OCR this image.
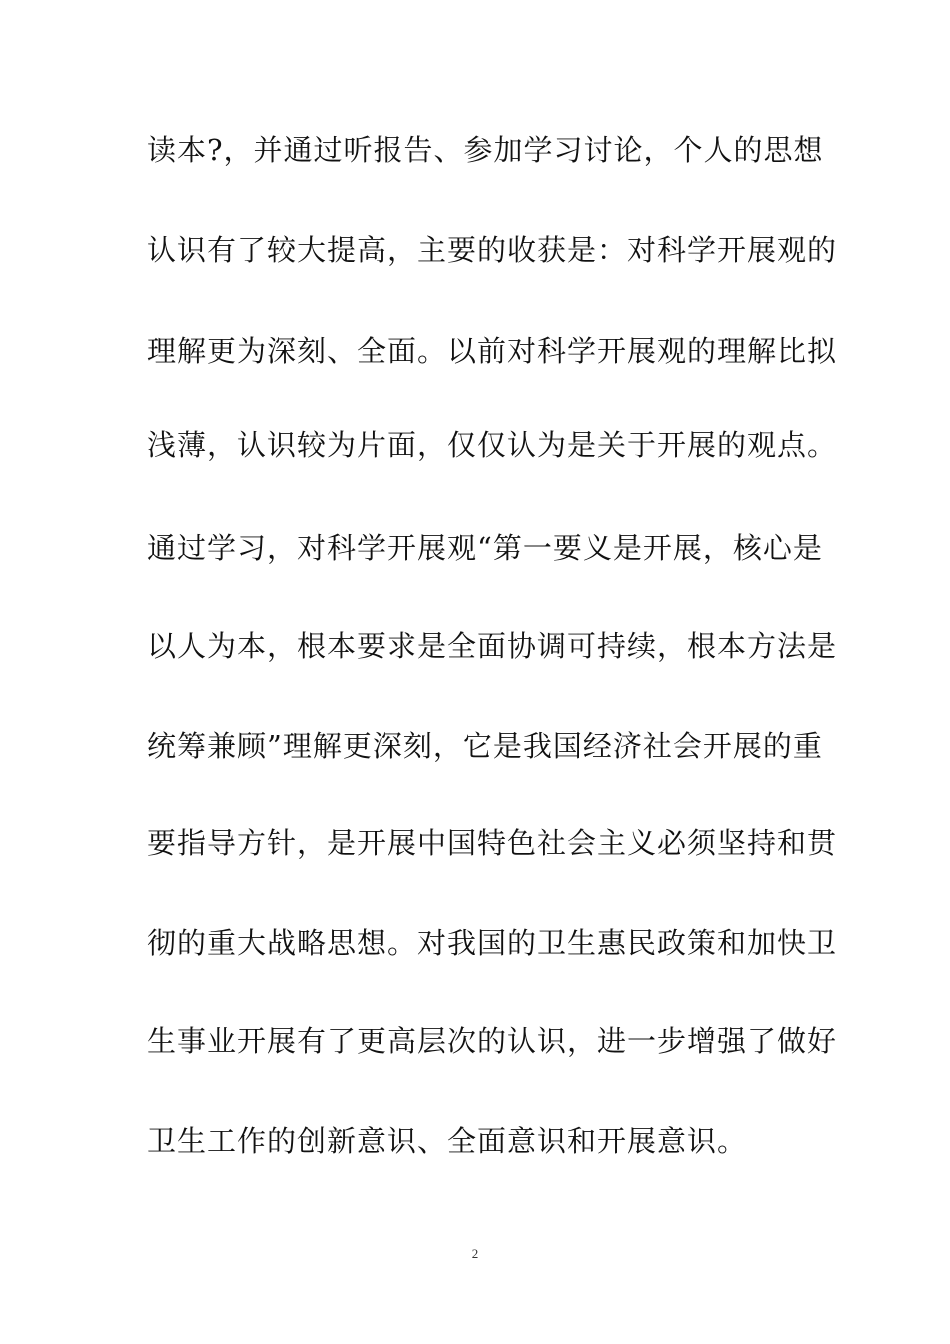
读本?，并通过听报告、参加学习讨论，个人的思想
认识有了较大提高，主要的收获是：对科学开展观的
理解更为深刻、全面。以前对科学开展观的理解比拟
浅薄，认识较为片面，仅仅认为是关于开展的观点。
通过学习，对科学开展观“第一要义是开展，核心是
以人为本，根本要求是全面协调可持续，根本方法是
统筹兼顾”理解更深刻，它是我国经济社会开展的重
要指导方针，是开展中国特色社会主义必须坚持和贯
彻的重大战略思想。对我国的卫生惠民政策和加快卫
生事业开展有了更高层次的认识，进一步增强了做好
卫生工作的创新意识、全面意识和开展意识。
2
